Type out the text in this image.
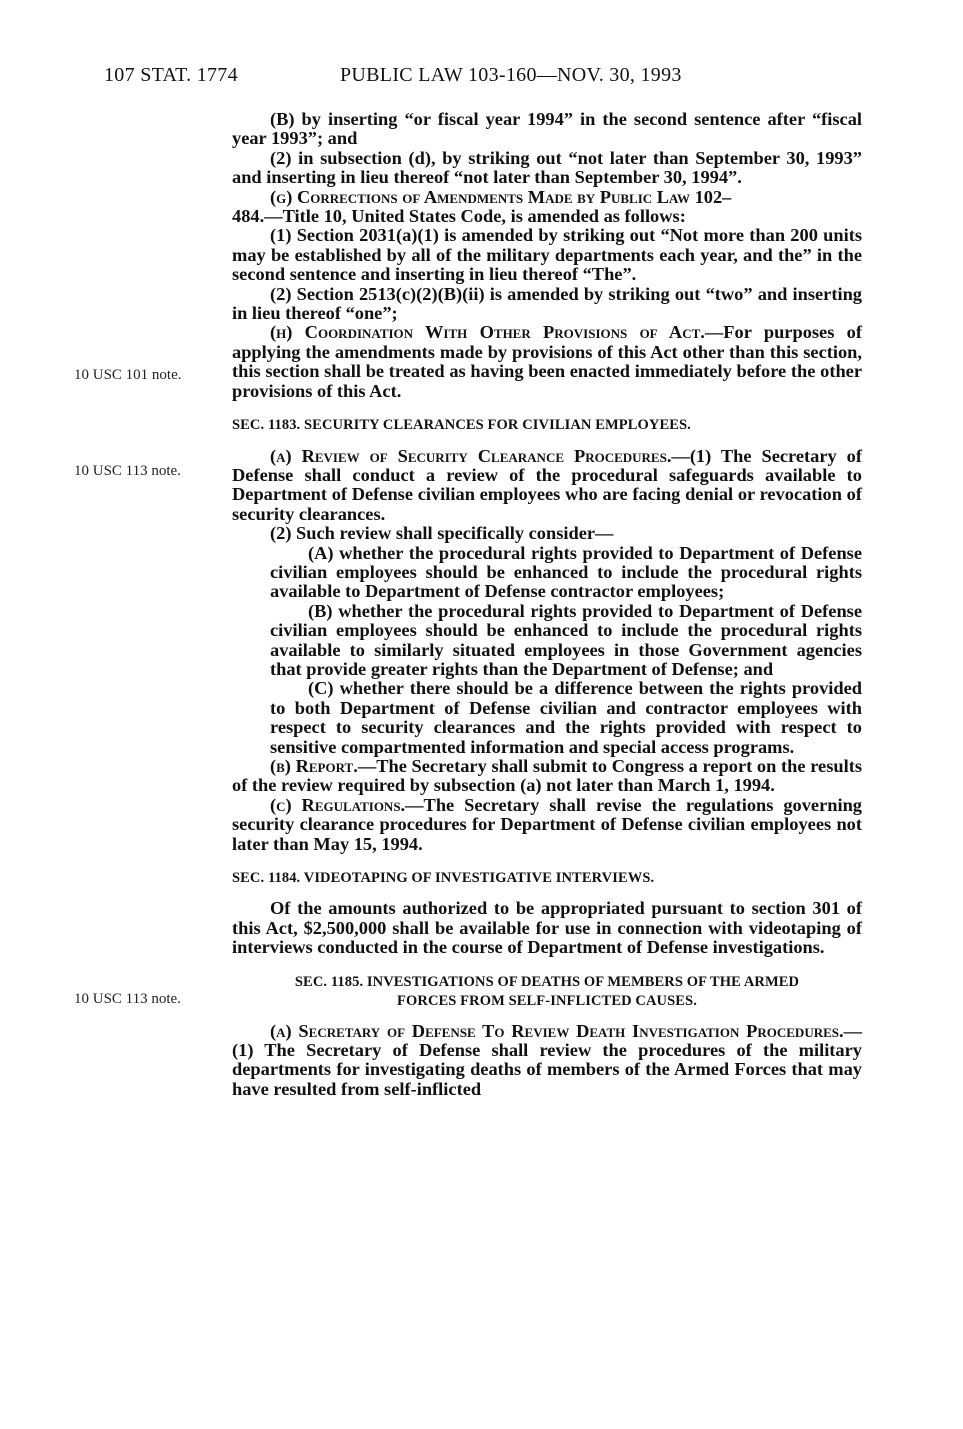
107 STAT. 1774	PUBLIC LAW 103-160—NOV. 30, 1993
10 USC 101 note.
10 USC 113 note.
10 USC 113 note.

(B) by inserting “or fiscal year 1994” in the second sentence after “fiscal year 1993”; and

(2) in subsection (d), by striking out “not later than September 30, 1993” and inserting in lieu thereof “not later than September 30, 1994”.

(g) Corrections of Amendments Made by Public Law 102–

484.—Title 10, United States Code, is amended as follows:

(1) Section 2031(a)(1) is amended by striking out “Not more than 200 units may be established by all of the military departments each year, and the” in the second sentence and inserting in lieu thereof “The”.

(2) Section 2513(c)(2)(B)(ii) is amended by striking out “two” and inserting in lieu thereof “one”;

(h) Coordination With Other Provisions of Act.—For purposes of applying the amendments made by provisions of this Act other than this section, this section shall be treated as having been enacted immediately before the other provisions of this Act.

SEC. 1183. SECURITY CLEARANCES FOR CIVILIAN EMPLOYEES.

(a) Review of Security Clearance Procedures.—(1) The Secretary of Defense shall conduct a review of the procedural safeguards available to Department of Defense civilian employees who are facing denial or revocation of security clearances.

(2) Such review shall specifically consider—

(A) whether the procedural rights provided to Department of Defense civilian employees should be enhanced to include the procedural rights available to Department of Defense contractor employees;

(B) whether the procedural rights provided to Department of Defense civilian employees should be enhanced to include the procedural rights available to similarly situated employees in those Government agencies that provide greater rights than the Department of Defense; and

(C) whether there should be a difference between the rights provided to both Department of Defense civilian and contractor employees with respect to security clearances and the rights provided with respect to sensitive compartmented information and special access programs.

(b) Report.—The Secretary shall submit to Congress a report on the results of the review required by subsection (a) not later than March 1, 1994.

(c) Regulations.—The Secretary shall revise the regulations governing security clearance procedures for Department of Defense civilian employees not later than May 15, 1994.

SEC. 1184. VIDEOTAPING OF INVESTIGATIVE INTERVIEWS.

Of the amounts authorized to be appropriated pursuant to section 301 of this Act, $2,500,000 shall be available for use in connection with videotaping of interviews conducted in the course of Department of Defense investigations.

SEC. 1185. INVESTIGATIONS OF DEATHS OF MEMBERS OF THE ARMED
FORCES FROM SELF-INFLICTED CAUSES.

(a) Secretary of Defense To Review Death Investigation Procedures.—(1) The Secretary of Defense shall review the procedures of the military departments for investigating deaths of members of the Armed Forces that may have resulted from self-inflicted
